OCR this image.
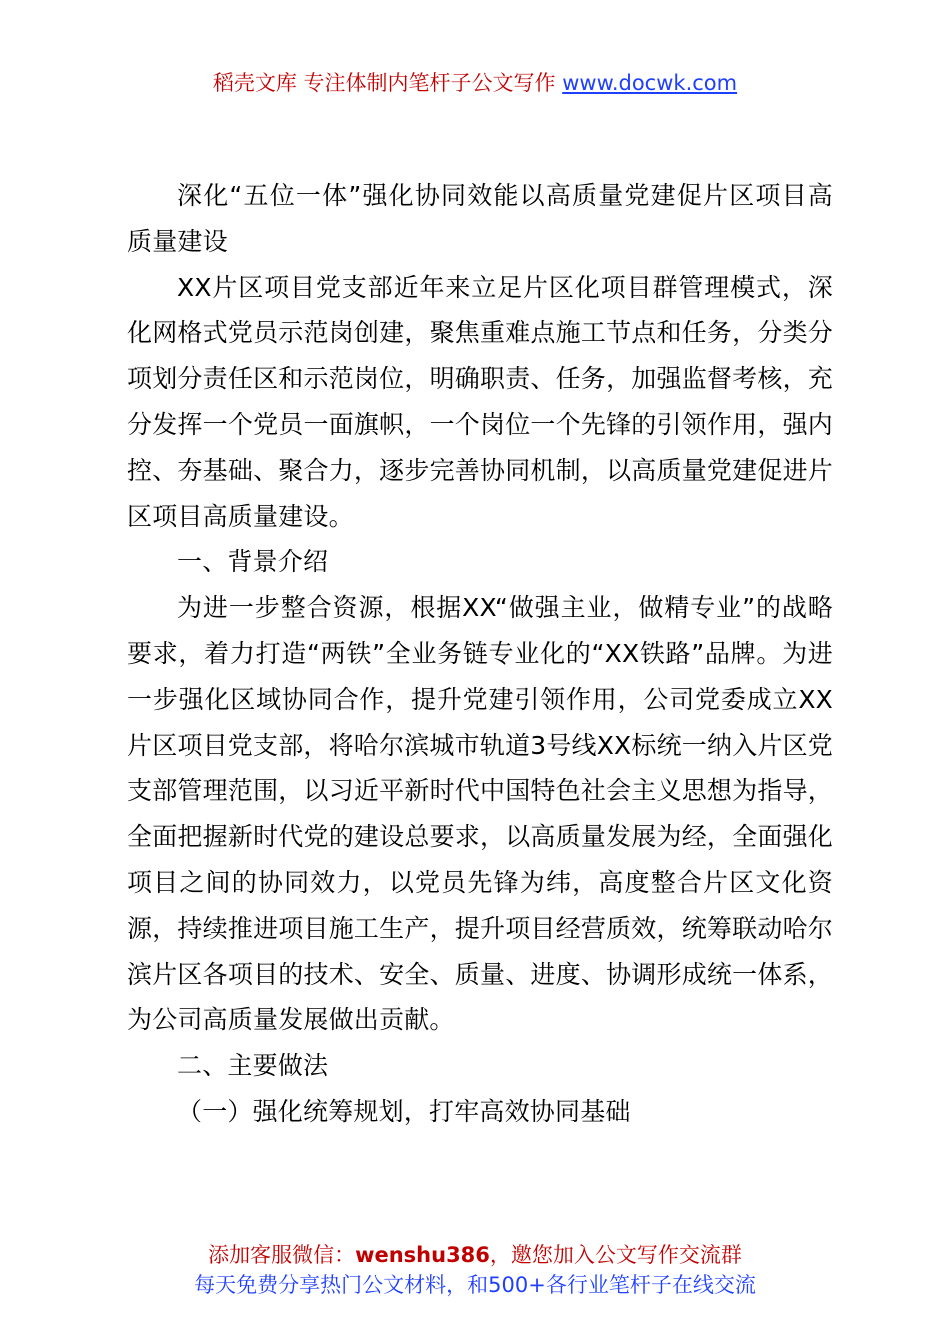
稻壳文库 专注体制内笔杆子公文写作 www.docwk.com

深化“五位一体”强化协同效能以高质量党建促片区项目高质量建设

XX片区项目党支部近年来立足片区化项目群管理模式，深化网格式党员示范岗创建，聚焦重难点施工节点和任务，分类分项划分责任区和示范岗位，明确职责、任务，加强监督考核，充分发挥一个党员一面旗帜，一个岗位一个先锋的引领作用，强内控、夯基础、聚合力，逐步完善协同机制，以高质量党建促进片区项目高质量建设。

一、背景介绍

为进一步整合资源，根据XX“做强主业，做精专业”的战略要求，着力打造“两铁”全业务链专业化的“XX铁路”品牌。为进一步强化区域协同合作，提升党建引领作用，公司党委成立XX片区项目党支部，将哈尔滨城市轨道3号线XX标统一纳入片区党支部管理范围，以习近平新时代中国特色社会主义思想为指导，全面把握新时代党的建设总要求，以高质量发展为经，全面强化项目之间的协同效力，以党员先锋为纬，高度整合片区文化资源，持续推进项目施工生产，提升项目经营质效，统筹联动哈尔滨片区各项目的技术、安全、质量、进度、协调形成统一体系，为公司高质量发展做出贡献。

二、主要做法

（一）强化统筹规划，打牢高效协同基础

添加客服微信：wenshu386，邀您加入公文写作交流群
每天免费分享热门公文材料，和500+各行业笔杆子在线交流
